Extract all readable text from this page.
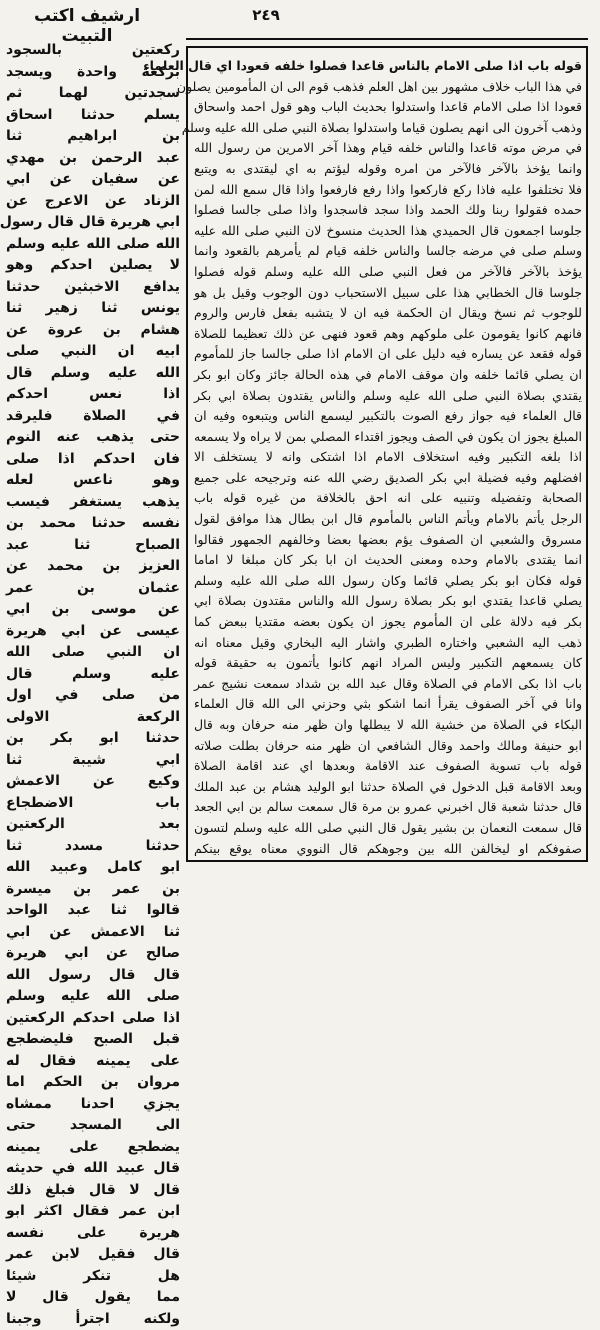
ارشيف اكتب التبيت
٢٤٩
ركعتين بالسجود
بركعة واحدة ويسجد
سجدتين لهما ثم
يسلم حدثنا اسحاق
بن ابراهيم ثنا
عبد الرحمن بن مهدي
عن سفيان عن ابي
الزناد عن الاعرج عن
ابي هريرة قال قال رسول
الله صلى الله عليه وسلم
لا يصلين احدكم وهو
يدافع الاخبثين حدثنا
يونس ثنا زهير ثنا
هشام بن عروة عن
ابيه ان النبي صلى
الله عليه وسلم قال
اذا نعس احدكم
في الصلاة فليرقد
حتى يذهب عنه النوم
فان احدكم اذا صلى
وهو ناعس لعله
يذهب يستغفر فيسب
نفسه حدثنا محمد بن
الصباح ثنا عبد
العزيز بن محمد عن
عثمان بن عمر
عن موسى بن ابي
عيسى عن ابي هريرة
ان النبي صلى الله
عليه وسلم قال
من صلى في اول
الركعة الاولى
حدثنا ابو بكر بن
ابي شيبة ثنا
وكيع عن الاعمش
باب الاضطجاع
بعد الركعتين
حدثنا مسدد ثنا
ابو كامل وعبيد الله
بن عمر بن ميسرة
قالوا ثنا عبد الواحد
ثنا الاعمش عن ابي
صالح عن ابي هريرة
قال قال رسول الله
صلى الله عليه وسلم
اذا صلى احدكم الركعتين
قبل الصبح فليضطجع
على يمينه فقال له
مروان بن الحكم اما
يجزي احدنا ممشاه
الى المسجد حتى
يضطجع على يمينه
قال عبيد الله في حديثه
قال لا قال فبلغ ذلك
ابن عمر فقال اكثر ابو
هريرة على نفسه
قال فقيل لابن عمر
هل تنكر شيئا
مما يقول قال لا
ولكنه اجترأ وجبنا
قوله باب اذا صلى الامام بالناس قاعدا فصلوا خلفه قعودا اي قال العلماء
في هذا الباب خلاف مشهور بين اهل العلم فذهب قوم الى ان المأمومين يصلون
قعودا اذا صلى الامام قاعدا واستدلوا بحديث الباب وهو قول احمد واسحاق
وذهب آخرون الى انهم يصلون قياما واستدلوا بصلاة النبي صلى الله عليه وسلم
في مرض موته قاعدا والناس خلفه قيام وهذا آخر الامرين من رسول الله
وانما يؤخذ بالآخر فالآخر من امره وقوله ليؤتم به اي ليقتدى به ويتبع
فلا تختلفوا عليه فاذا ركع فاركعوا واذا رفع فارفعوا واذا قال سمع الله لمن
حمده فقولوا ربنا ولك الحمد واذا سجد فاسجدوا واذا صلى جالسا فصلوا
جلوسا اجمعون قال الحميدي هذا الحديث منسوخ لان النبي صلى الله عليه
وسلم صلى في مرضه جالسا والناس خلفه قيام لم يأمرهم بالقعود وانما
يؤخذ بالآخر فالآخر من فعل النبي صلى الله عليه وسلم قوله فصلوا
جلوسا قال الخطابي هذا على سبيل الاستحباب دون الوجوب وقيل بل هو
للوجوب ثم نسخ ويقال ان الحكمة فيه ان لا يتشبه بفعل فارس والروم
فانهم كانوا يقومون على ملوكهم وهم قعود فنهى عن ذلك تعظيما للصلاة
قوله فقعد عن يساره فيه دليل على ان الامام اذا صلى جالسا جاز للمأموم
ان يصلي قائما خلفه وان موقف الامام في هذه الحالة جائز وكان ابو بكر
يقتدي بصلاة النبي صلى الله عليه وسلم والناس يقتدون بصلاة ابي بكر
قال العلماء فيه جواز رفع الصوت بالتكبير ليسمع الناس ويتبعوه وفيه ان
المبلغ يجوز ان يكون في الصف ويجوز اقتداء المصلي بمن لا يراه ولا يسمعه
اذا بلغه التكبير وفيه استخلاف الامام اذا اشتكى وانه لا يستخلف الا
افضلهم وفيه فضيلة ابي بكر الصديق رضي الله عنه وترجيحه على جميع
الصحابة وتفضيله وتنبيه على انه احق بالخلافة من غيره قوله باب
الرجل يأتم بالامام ويأتم الناس بالمأموم قال ابن بطال هذا موافق لقول
مسروق والشعبي ان الصفوف يؤم بعضها بعضا وخالفهم الجمهور فقالوا
انما يقتدى بالامام وحده ومعنى الحديث ان ابا بكر كان مبلغا لا اماما
قوله فكان ابو بكر يصلي قائما وكان رسول الله صلى الله عليه وسلم
يصلي قاعدا يقتدي ابو بكر بصلاة رسول الله والناس مقتدون بصلاة ابي
بكر فيه دلالة على ان المأموم يجوز ان يكون بعضه مقتديا ببعض كما
ذهب اليه الشعبي واختاره الطبري واشار اليه البخاري وقيل معناه انه
كان يسمعهم التكبير وليس المراد انهم كانوا يأتمون به حقيقة قوله
باب اذا بكى الامام في الصلاة وقال عبد الله بن شداد سمعت نشيج عمر
وانا في آخر الصفوف يقرأ انما اشكو بثي وحزني الى الله قال العلماء
البكاء في الصلاة من خشية الله لا يبطلها وان ظهر منه حرفان وبه قال
ابو حنيفة ومالك واحمد وقال الشافعي ان ظهر منه حرفان بطلت صلاته
قوله باب تسوية الصفوف عند الاقامة وبعدها اي عند اقامة الصلاة
وبعد الاقامة قبل الدخول في الصلاة حدثنا ابو الوليد هشام بن عبد الملك
قال حدثنا شعبة قال اخبرني عمرو بن مرة قال سمعت سالم بن ابي الجعد
قال سمعت النعمان بن بشير يقول قال النبي صلى الله عليه وسلم لتسون
صفوفكم او ليخالفن الله بين وجوهكم قال النووي معناه يوقع بينكم
